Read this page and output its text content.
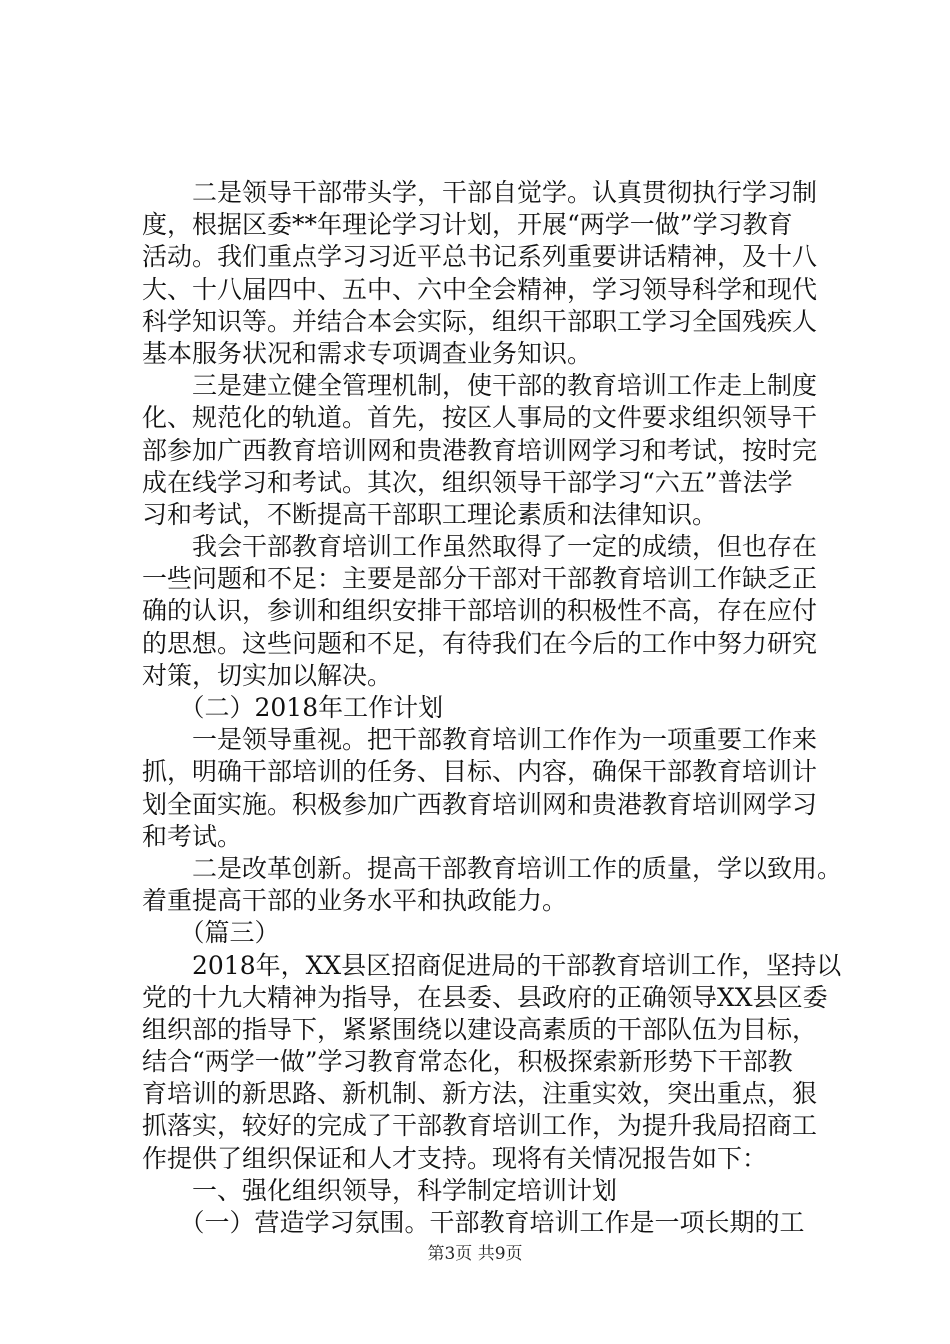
　　二是领导干部带头学，干部自觉学。认真贯彻执行学习制
度，根据区委**年理论学习计划，开展“两学一做”学习教育
活动。我们重点学习习近平总书记系列重要讲话精神，及十八
大、十八届四中、五中、六中全会精神，学习领导科学和现代
科学知识等。并结合本会实际，组织干部职工学习全国残疾人
基本服务状况和需求专项调查业务知识。
　　三是建立健全管理机制，使干部的教育培训工作走上制度
化、规范化的轨道。首先，按区人事局的文件要求组织领导干
部参加广西教育培训网和贵港教育培训网学习和考试，按时完
成在线学习和考试。其次，组织领导干部学习“六五”普法学
习和考试，不断提高干部职工理论素质和法律知识。
　　我会干部教育培训工作虽然取得了一定的成绩，但也存在
一些问题和不足：主要是部分干部对干部教育培训工作缺乏正
确的认识，参训和组织安排干部培训的积极性不高，存在应付
的思想。这些问题和不足，有待我们在今后的工作中努力研究
对策，切实加以解决。
　　（二）2018年工作计划
　　一是领导重视。把干部教育培训工作作为一项重要工作来
抓，明确干部培训的任务、目标、内容，确保干部教育培训计
划全面实施。积极参加广西教育培训网和贵港教育培训网学习
和考试。
　　二是改革创新。提高干部教育培训工作的质量，学以致用。
着重提高干部的业务水平和执政能力。
　　（篇三）
　　2018年，XX县区招商促进局的干部教育培训工作，坚持以
党的十九大精神为指导，在县委、县政府的正确领导XX县区委
组织部的指导下，紧紧围绕以建设高素质的干部队伍为目标，
结合“两学一做”学习教育常态化，积极探索新形势下干部教
育培训的新思路、新机制、新方法，注重实效，突出重点，狠
抓落实，较好的完成了干部教育培训工作，为提升我局招商工
作提供了组织保证和人才支持。现将有关情况报告如下：
　　一、强化组织领导，科学制定培训计划
　　（一）营造学习氛围。干部教育培训工作是一项长期的工
第3页 共9页
